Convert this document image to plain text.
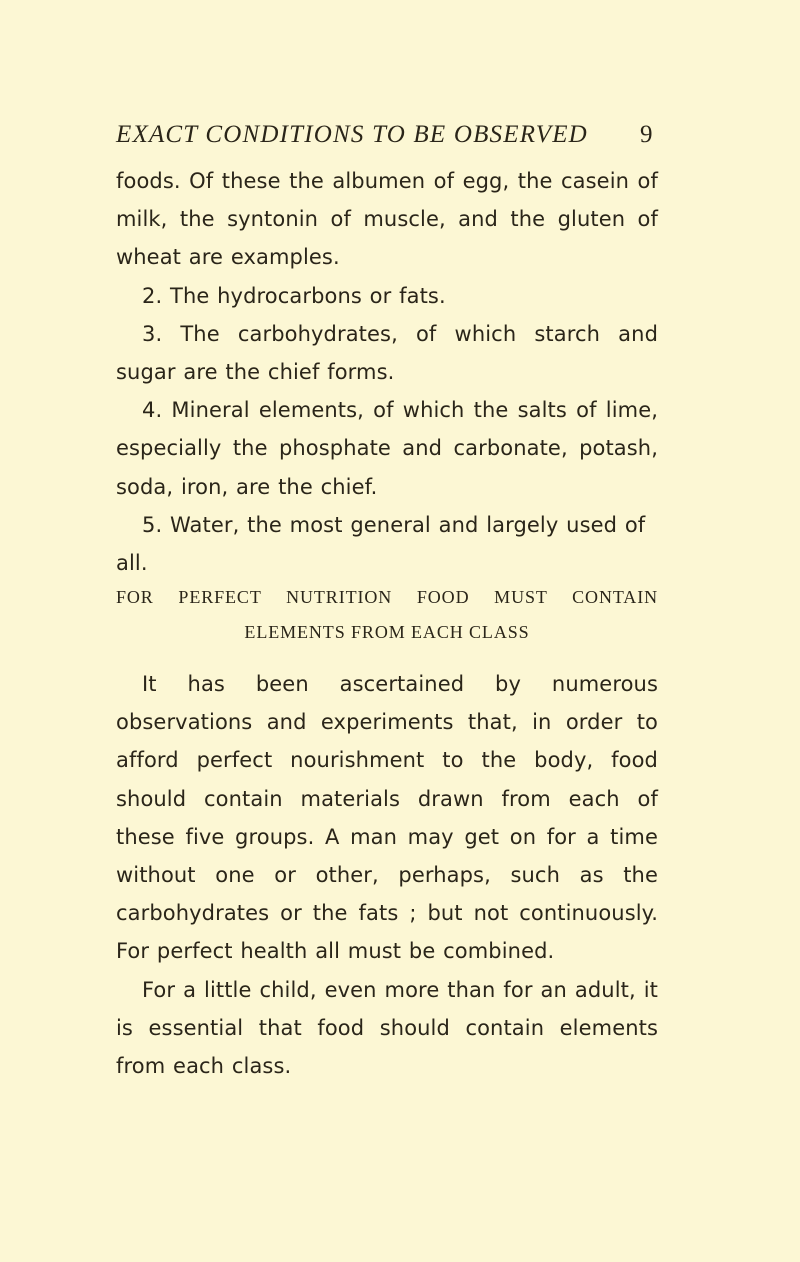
EXACT CONDITIONS TO BE OBSERVED	9

foods. Of these the albumen of egg, the casein of milk, the syntonin of muscle, and the gluten of wheat are examples.

2. The hydrocarbons or fats.

3. The carbohydrates, of which starch and sugar are the chief forms.

4. Mineral elements, of which the salts of lime, especially the phosphate and carbonate, potash, soda, iron, are the chief.

5. Water, the most general and largely used of all.

FOR PERFECT NUTRITION FOOD MUST CONTAIN
ELEMENTS FROM EACH CLASS

It has been ascertained by numerous observations and experiments that, in order to afford perfect nourishment to the body, food should contain materials drawn from each of these five groups. A man may get on for a time without one or other, perhaps, such as the carbohydrates or the fats ; but not continuously. For perfect health all must be combined.

For a little child, even more than for an adult, it is essential that food should contain elements from each class.
